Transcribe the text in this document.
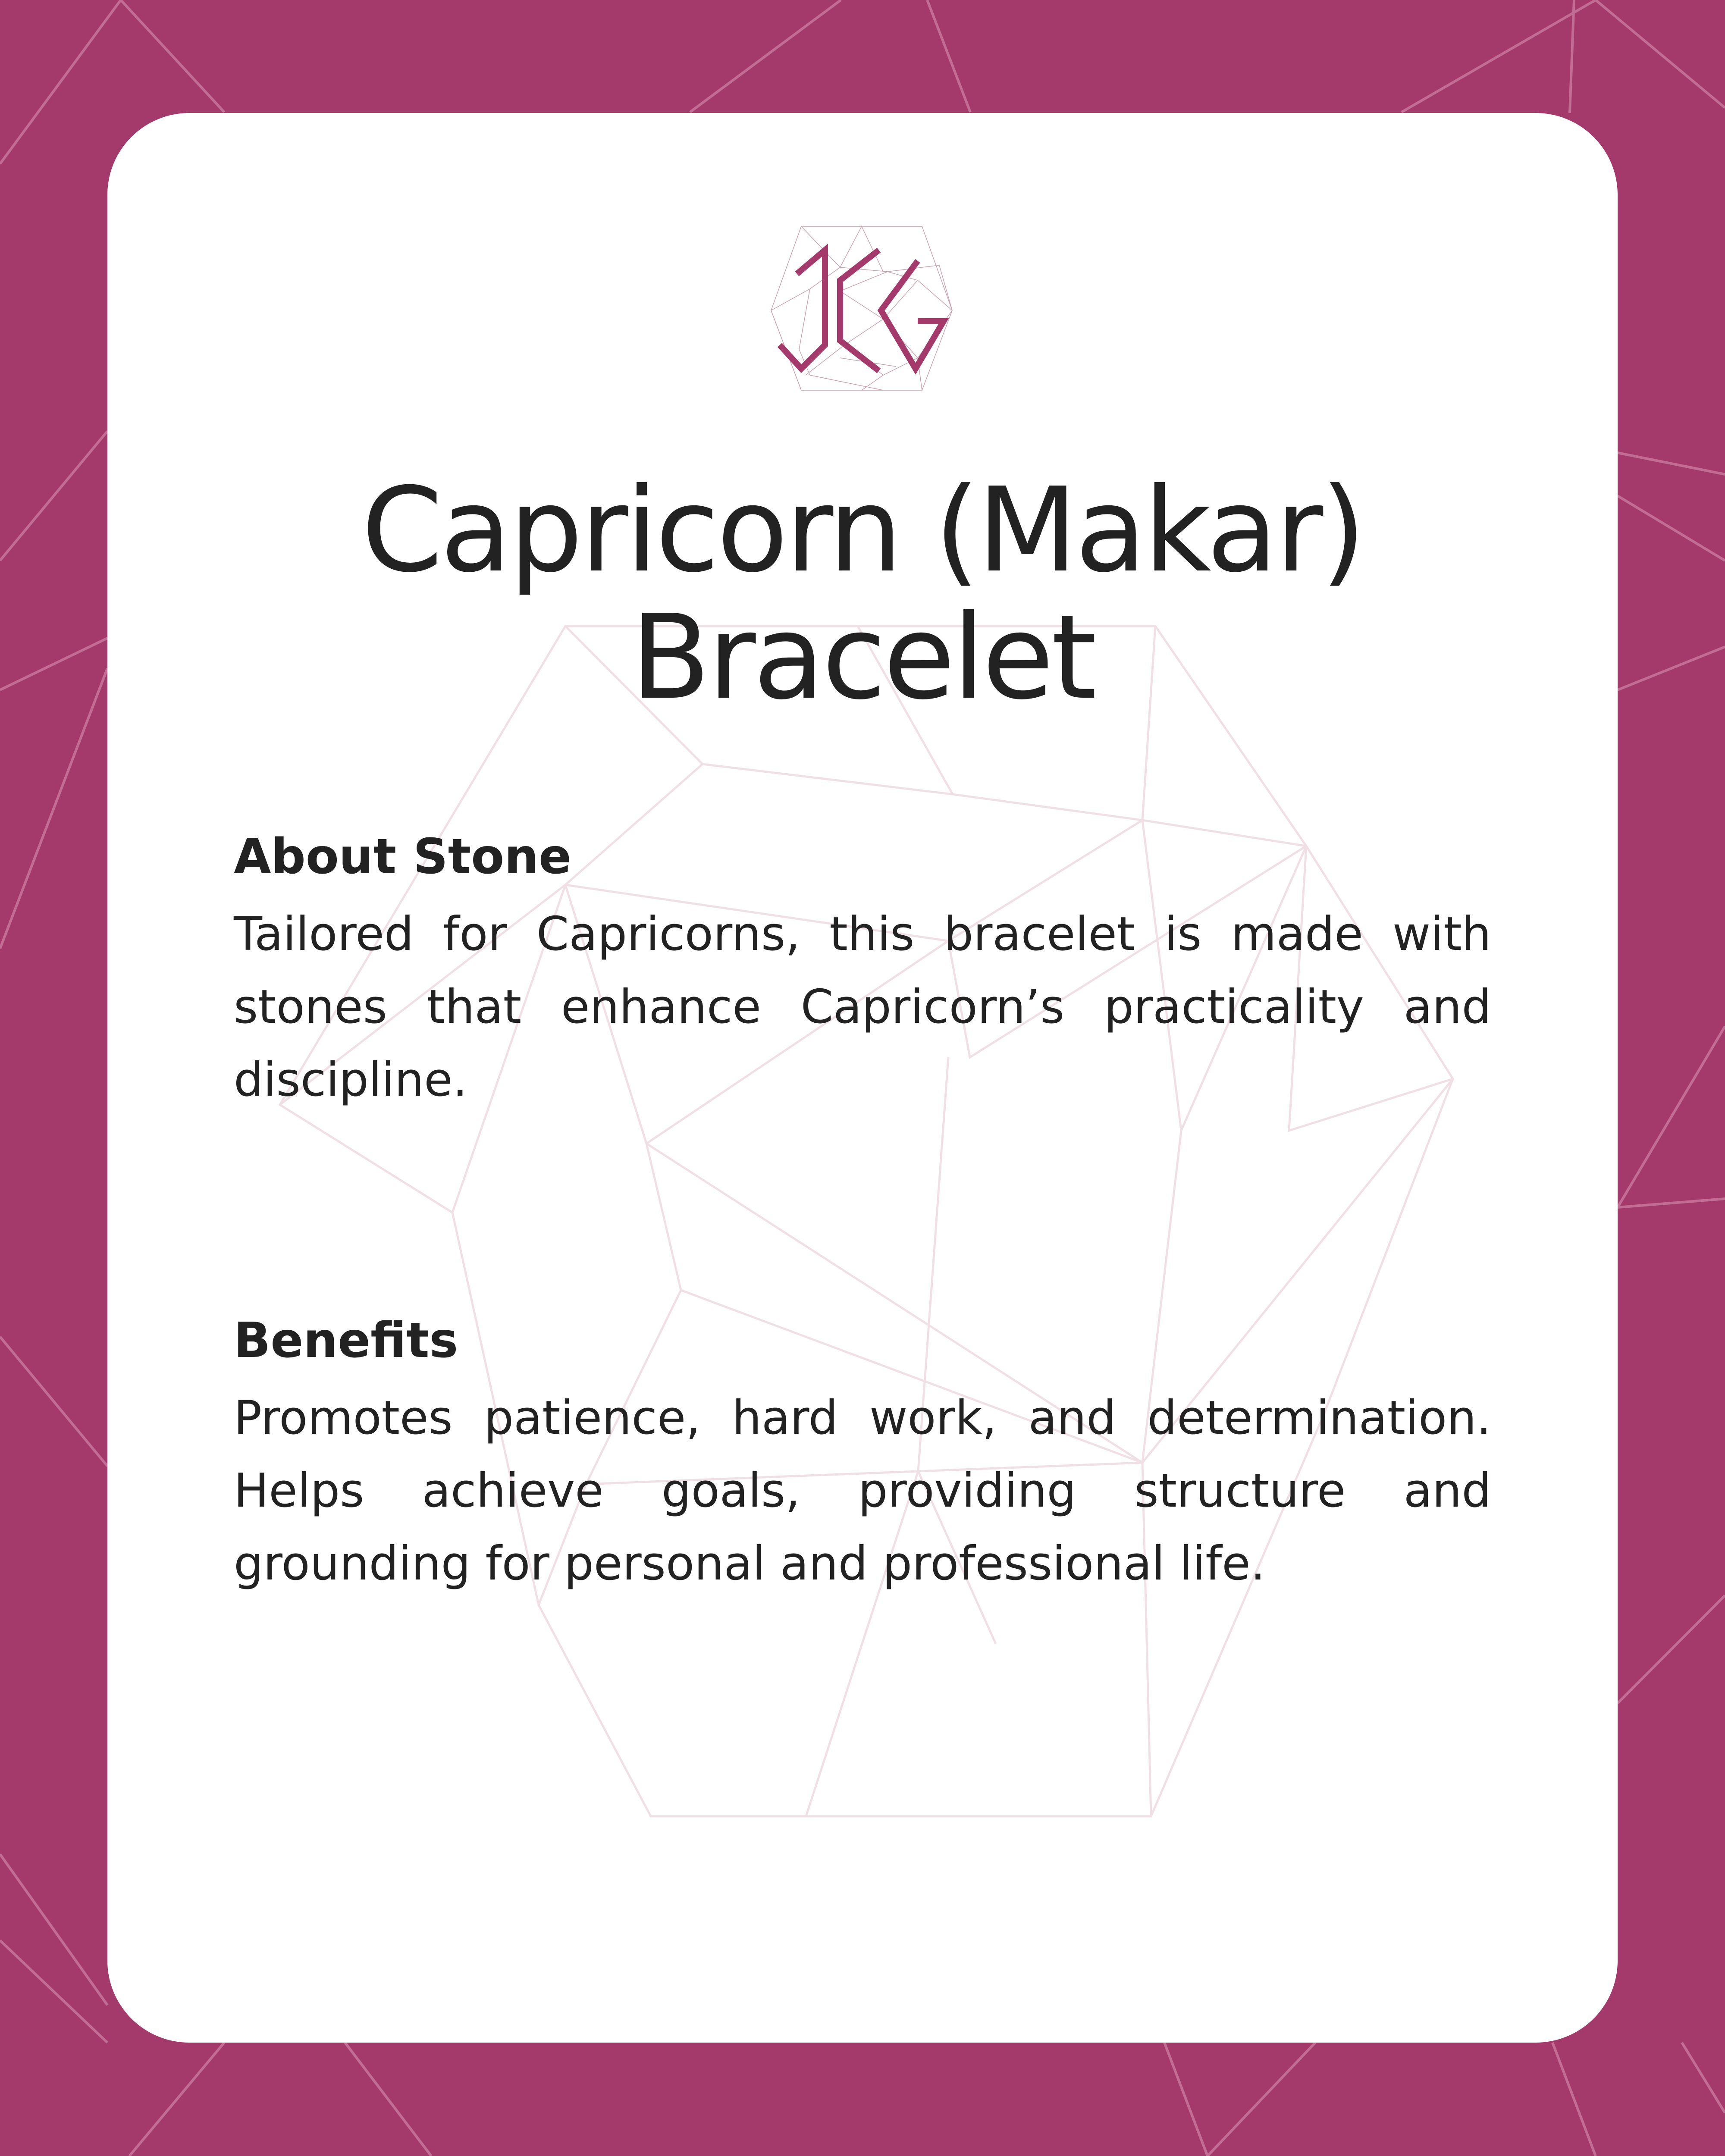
Capricorn (Makar)
Bracelet
About Stone
Tailored for Capricorns, this bracelet is made with stones that enhance Capricorn’s practicality and discipline.
Benefits
Promotes patience, hard work, and determination. Helps achieve goals, providing structure and grounding for personal and professional life.
